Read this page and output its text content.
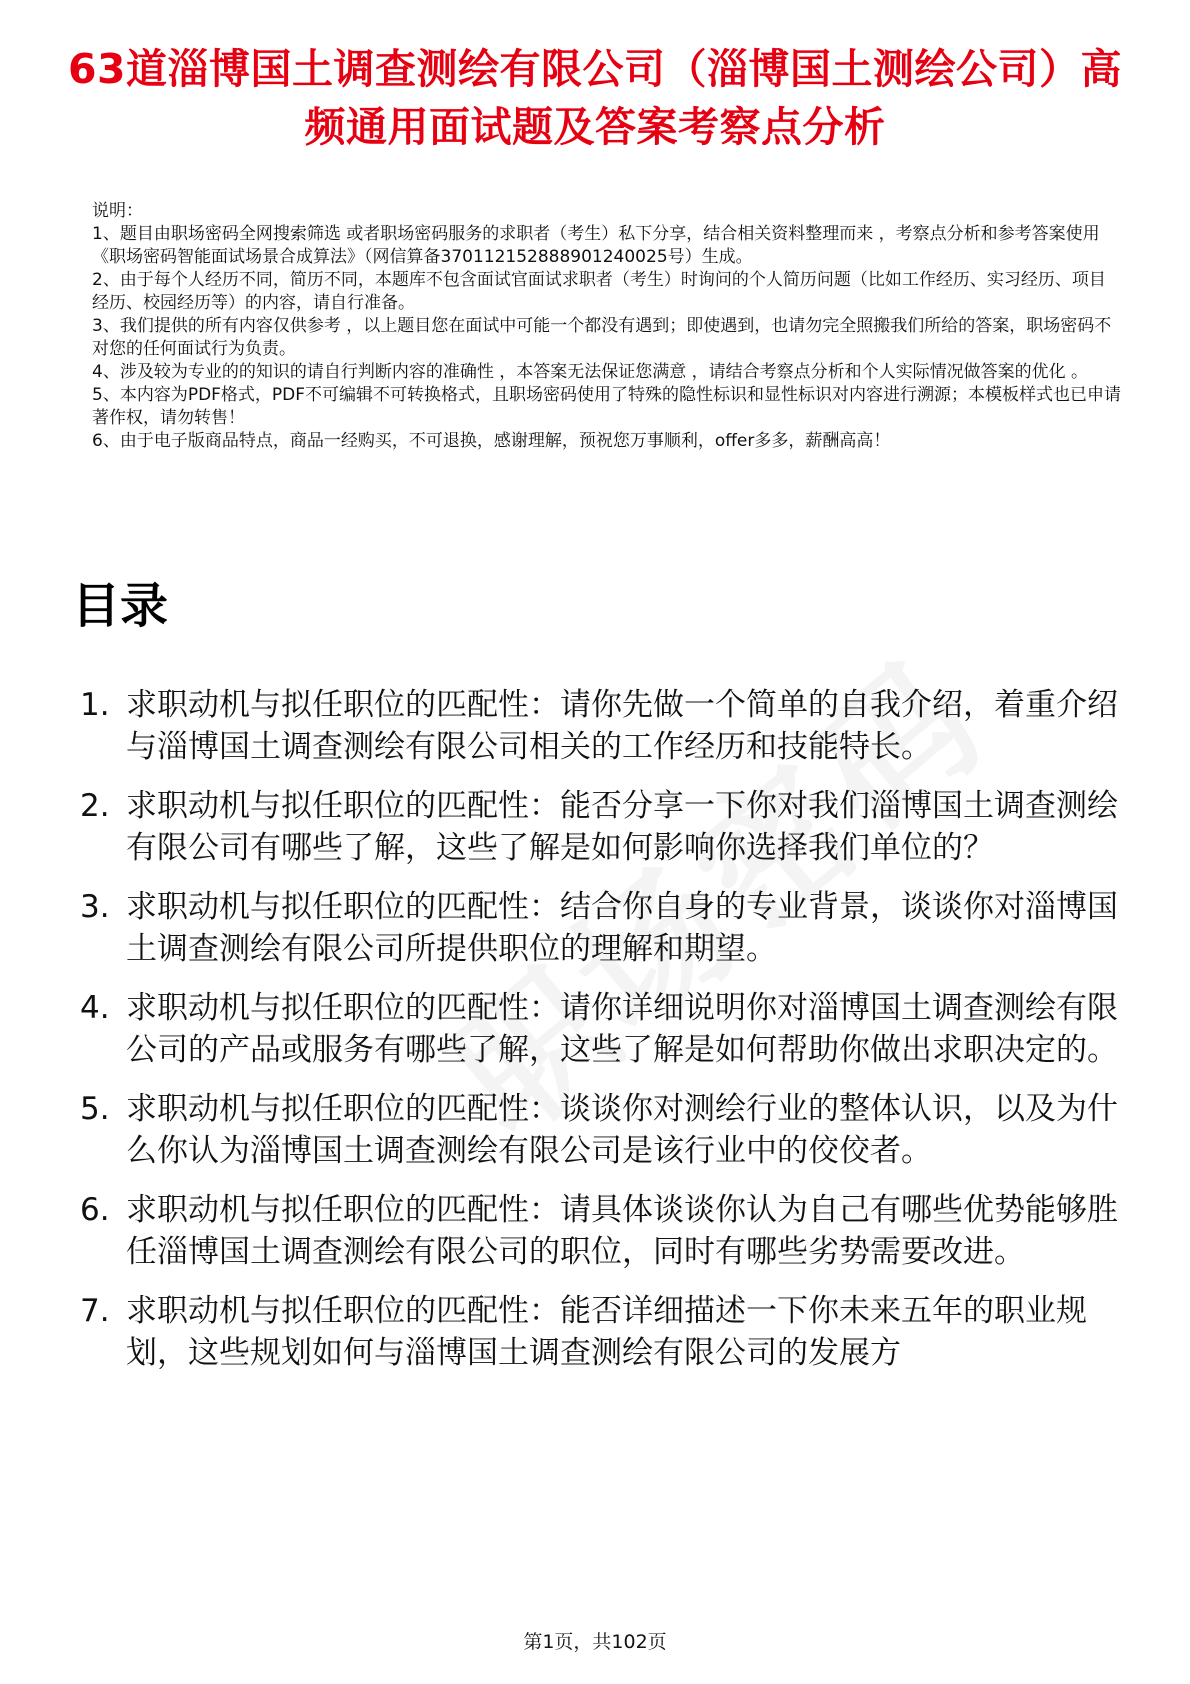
63道淄博国土调查测绘有限公司（淄博国土测绘公司）高频通用面试题及答案考察点分析

说明：

1、题目由职场密码全网搜索筛选 或者职场密码服务的求职者（考生）私下分享，结合相关资料整理而来 ，考察点分析和参考答案使用《职场密码智能面试场景合成算法》（网信算备370112152888901240025号）生成。

2、由于每个人经历不同，简历不同，本题库不包含面试官面试求职者（考生）时询问的个人简历问题（比如工作经历、实习经历、项目经历、校园经历等）的内容，请自行准备。

3、我们提供的所有内容仅供参考 ，以上题目您在面试中可能一个都没有遇到；即使遇到，也请勿完全照搬我们所给的答案，职场密码不对您的任何面试行为负责。

4、涉及较为专业的的知识的请自行判断内容的准确性 ，本答案无法保证您满意 ，请结合考察点分析和个人实际情况做答案的优化 。

5、本内容为PDF格式，PDF不可编辑不可转换格式，且职场密码使用了特殊的隐性标识和显性标识对内容进行溯源；本模板样式也已申请著作权，请勿转售！

6、由于电子版商品特点，商品一经购买，不可退换，感谢理解，预祝您万事顺利，offer多多，薪酬高高！

目录
1. 求职动机与拟任职位的匹配性：请你先做一个简单的自我介绍，着重介绍与淄博国土调查测绘有限公司相关的工作经历和技能特长。
2. 求职动机与拟任职位的匹配性：能否分享一下你对我们淄博国土调查测绘有限公司有哪些了解，这些了解是如何影响你选择我们单位的？
3. 求职动机与拟任职位的匹配性：结合你自身的专业背景，谈谈你对淄博国土调查测绘有限公司所提供职位的理解和期望。
4. 求职动机与拟任职位的匹配性：请你详细说明你对淄博国土调查测绘有限公司的产品或服务有哪些了解，这些了解是如何帮助你做出求职决定的。
5. 求职动机与拟任职位的匹配性：谈谈你对测绘行业的整体认识，以及为什么你认为淄博国土调查测绘有限公司是该行业中的佼佼者。
6. 求职动机与拟任职位的匹配性：请具体谈谈你认为自己有哪些优势能够胜任淄博国土调查测绘有限公司的职位，同时有哪些劣势需要改进。
7. 求职动机与拟任职位的匹配性：能否详细描述一下你未来五年的职业规划，这些规划如何与淄博国土调查测绘有限公司的发展方
第1页，共102页
